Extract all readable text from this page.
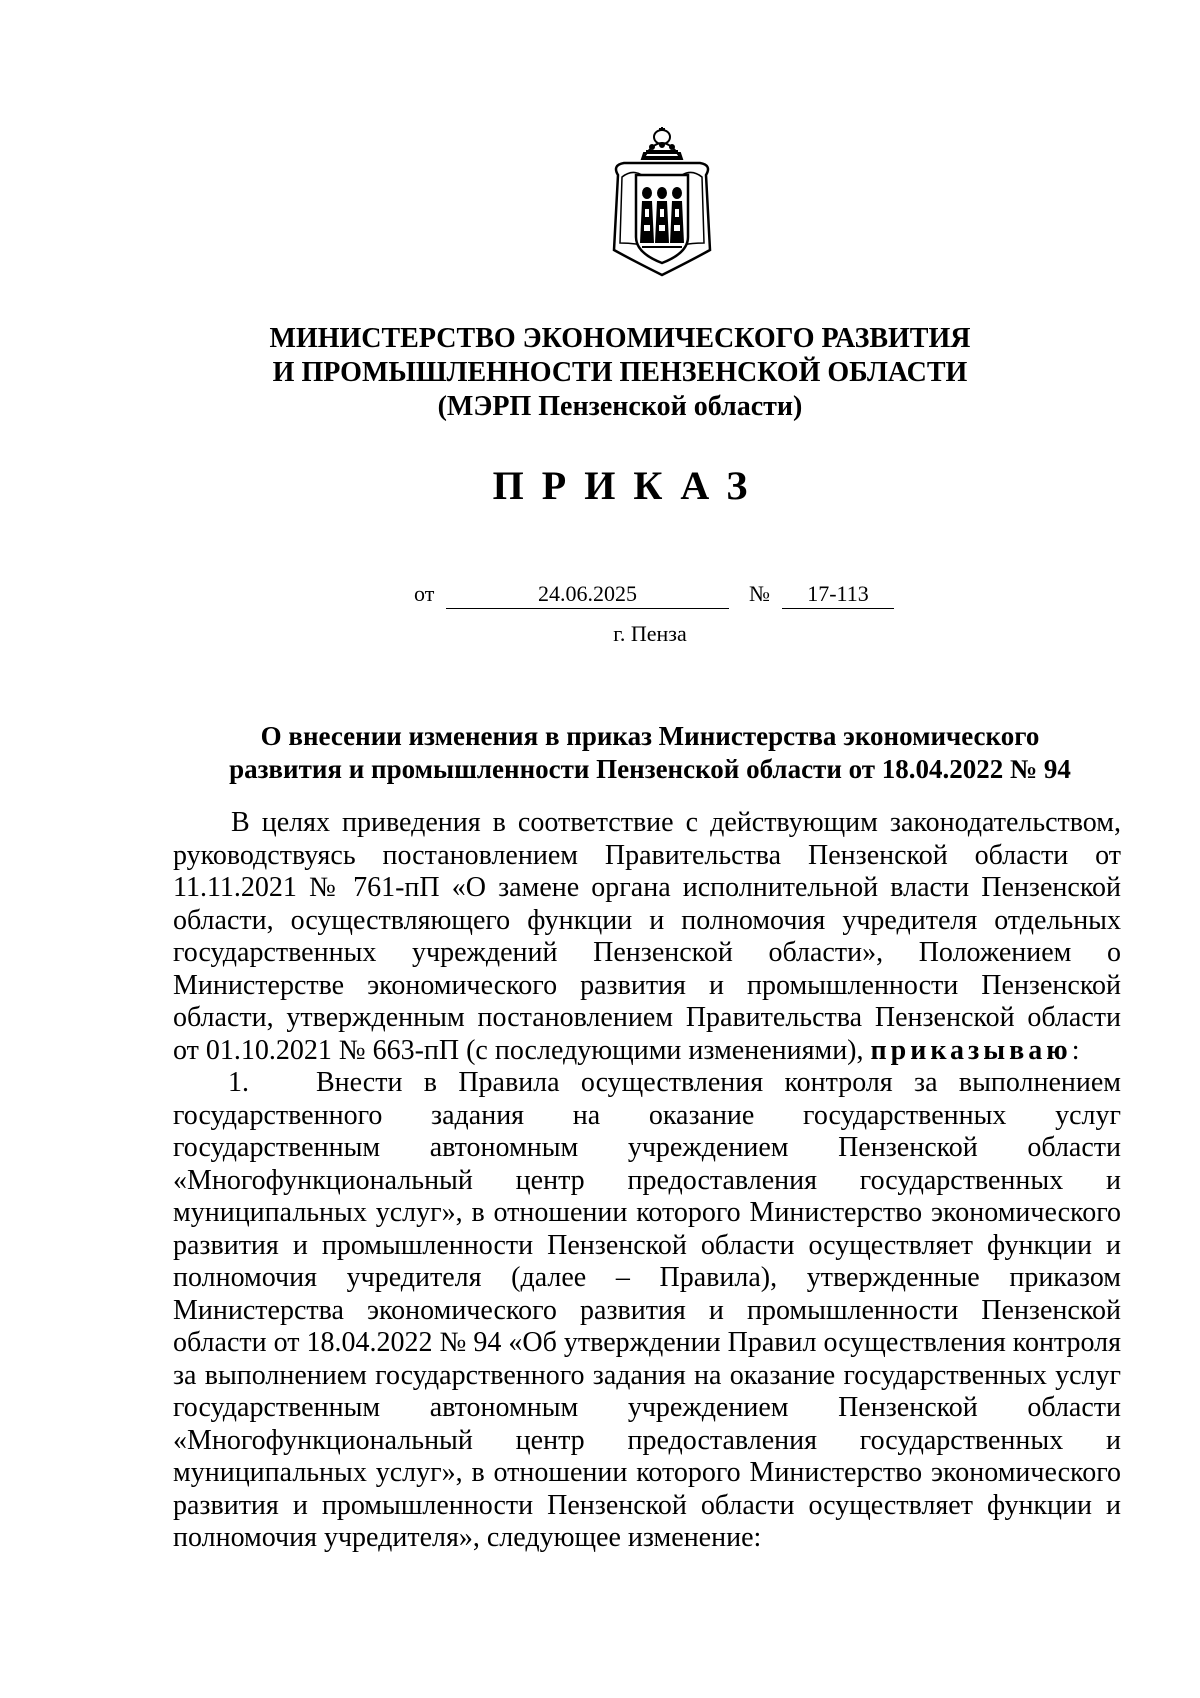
МИНИСТЕРСТВО ЭКОНОМИЧЕСКОГО РАЗВИТИЯ
И ПРОМЫШЛЕННОСТИ ПЕНЗЕНСКОЙ ОБЛАСТИ
(МЭРП Пензенской области)
ПРИКАЗ
от	24.06.2025	№	17-113
г. Пенза
О внесении изменения в приказ Министерства экономического
развития и промышленности Пензенской области от 18.04.2022 № 94

В целях приведения в соответствие с действующим законодательством, руководствуясь постановлением Правительства Пензенской области от 11.11.2021 № 761-пП «О замене органа исполнительной власти Пензенской области, осуществляющего функции и полномочия учредителя отдельных государственных учреждений Пензенской области», Положением о Министерстве экономического развития и промышленности Пензенской области, утвержденным постановлением Правительства Пензенской области от 01.10.2021 № 663-пП (с последующими изменениями), приказываю:

1. Внести в Правила осуществления контроля за выполнением государственного задания на оказание государственных услуг государственным автономным учреждением Пензенской области «Многофункциональный центр предоставления государственных и муниципальных услуг», в отношении которого Министерство экономического развития и промышленности Пензенской области осуществляет функции и полномочия учредителя (далее – Правила), утвержденные приказом Министерства экономического развития и промышленности Пензенской области от 18.04.2022 № 94 «Об утверждении Правил осуществления контроля за выполнением государственного задания на оказание государственных услуг государственным автономным учреждением Пензенской области «Многофункциональный центр предоставления государственных и муниципальных услуг», в отношении которого Министерство экономического развития и промышленности Пензенской области осуществляет функции и полномочия учредителя», следующее изменение:
